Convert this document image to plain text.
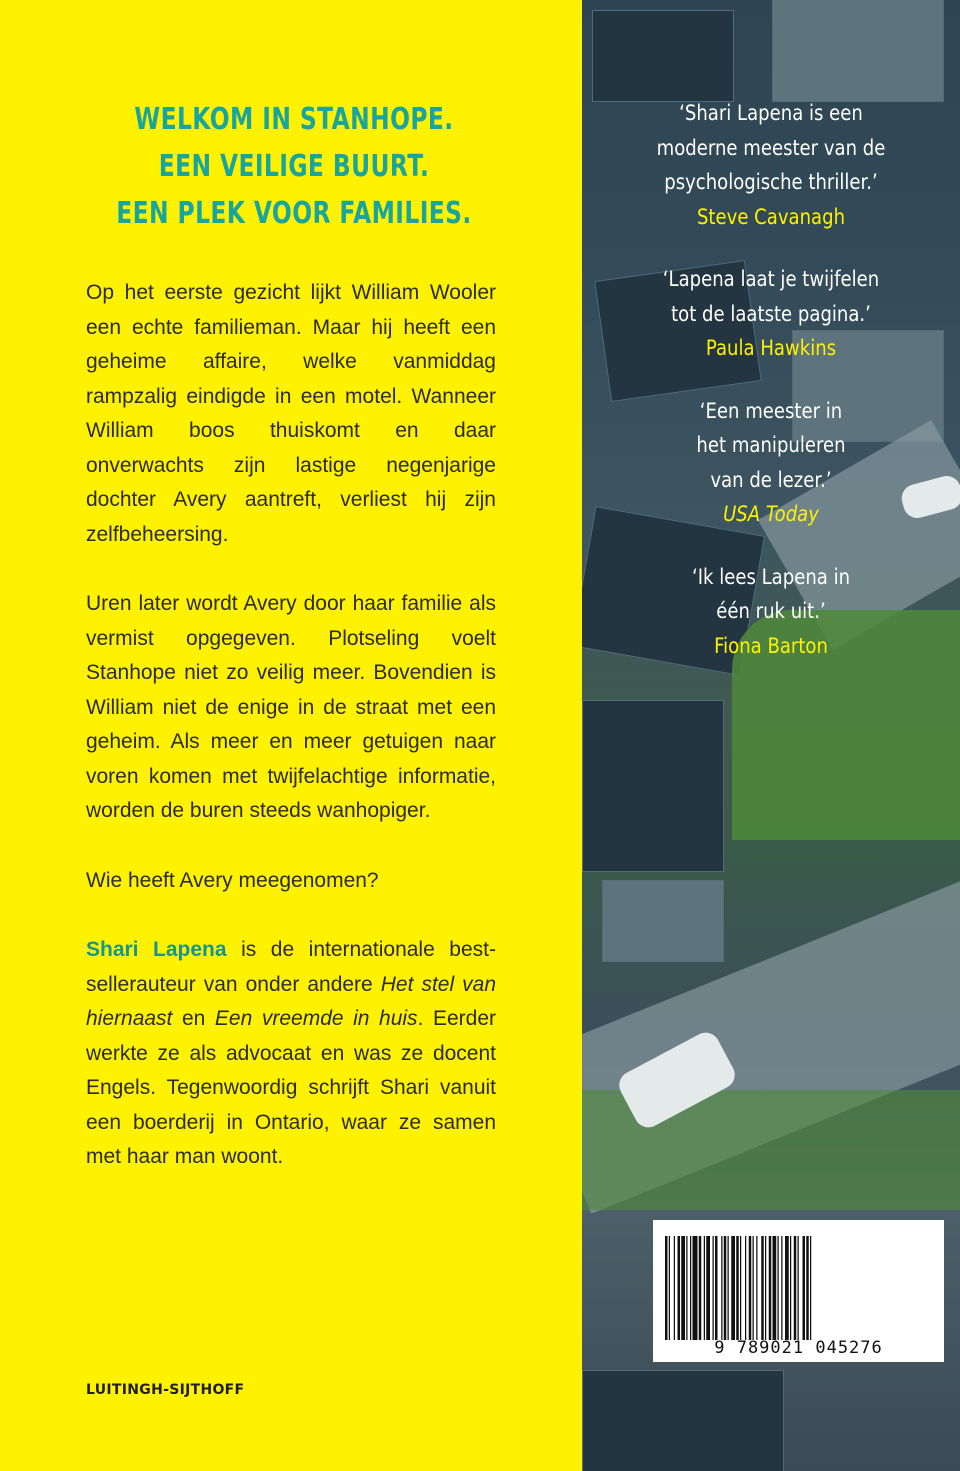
WELKOM IN STANHOPE.
EEN VEILIGE BUURT.
EEN PLEK VOOR FAMILIES.

Op het eerste gezicht lijkt William Wooler een echte familieman. Maar hij heeft een geheime affaire, welke vanmiddag rampzalig eindigde in een motel. Wanneer William boos thuiskomt en daar onverwachts zijn lastige negenjarige dochter Avery aantreft, verliest hij zijn zelfbeheersing.

Uren later wordt Avery door haar familie als vermist opgegeven. Plotseling voelt Stanhope niet zo veilig meer. Bovendien is William niet de enige in de straat met een geheim. Als meer en meer getuigen naar voren komen met twijfelachtige informatie, worden de buren steeds wanhopiger.

Wie heeft Avery meegenomen?

Shari Lapena is de internationale bestsellerauteur van onder andere Het stel van hiernaast en Een vreemde in huis. Eerder werkte ze als advocaat en was ze docent Engels. Tegenwoordig schrijft Shari vanuit een boerderij in Ontario, waar ze samen met haar man woont.

LUITINGH-SIJTHOFF
‘Shari Lapena is een
moderne meester van de
psychologische thriller.’
Steve Cavanagh
‘Lapena laat je twijfelen
tot de laatste pagina.’
Paula Hawkins
‘Een meester in
het manipuleren
van de lezer.’
USA Today
‘Ik lees Lapena in
één ruk uit.’
Fiona Barton
9 789021 045276
